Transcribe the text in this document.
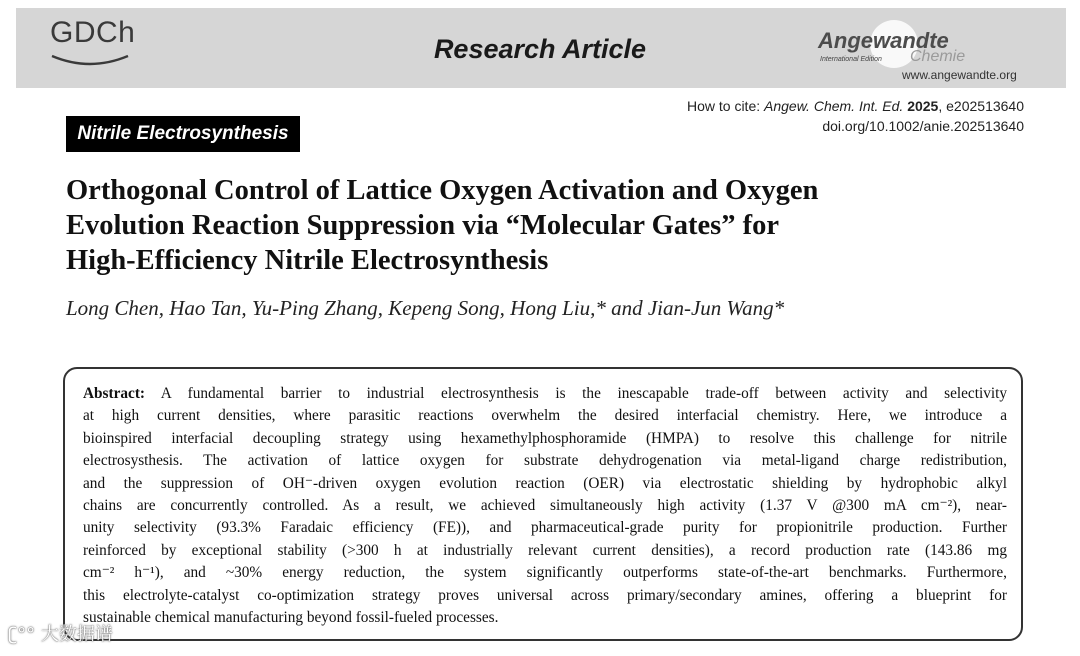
GDCh	Research Article	Angewandte
International Edition Chemie
www.angewandte.org
How to cite: Angew. Chem. Int. Ed. 2025, e202513640
doi.org/10.1002/anie.202513640
Nitrile Electrosynthesis
Orthogonal Control of Lattice Oxygen Activation and Oxygen
Evolution Reaction Suppression via “Molecular Gates” for
High-Efficiency Nitrile Electrosynthesis
Long Chen, Hao Tan, Yu-Ping Zhang, Kepeng Song, Hong Liu,* and Jian-Jun Wang*
Abstract: A fundamental barrier to industrial electrosynthesis is the inescapable trade-off between activity and selectivity
at high current densities, where parasitic reactions overwhelm the desired interfacial chemistry. Here, we introduce a
bioinspired interfacial decoupling strategy using hexamethylphosphoramide (HMPA) to resolve this challenge for nitrile
electrosysthesis. The activation of lattice oxygen for substrate dehydrogenation via metal-ligand charge redistribution,
and the suppression of OH⁻-driven oxygen evolution reaction (OER) via electrostatic shielding by hydrophobic alkyl
chains are concurrently controlled. As a result, we achieved simultaneously high activity (1.37 V @300 mA cm⁻²), near-
unity selectivity (93.3% Faradaic efficiency (FE)), and pharmaceutical-grade purity for propionitrile production. Further
reinforced by exceptional stability (>300 h at industrially relevant current densities), a record production rate (143.86 mg
cm⁻² h⁻¹), and ~30% energy reduction, the system significantly outperforms state-of-the-art benchmarks. Furthermore,
this electrolyte-catalyst co-optimization strategy proves universal across primary/secondary amines, offering a blueprint for
sustainable chemical manufacturing beyond fossil-fueled processes.
ʗ°° 大数据谱
